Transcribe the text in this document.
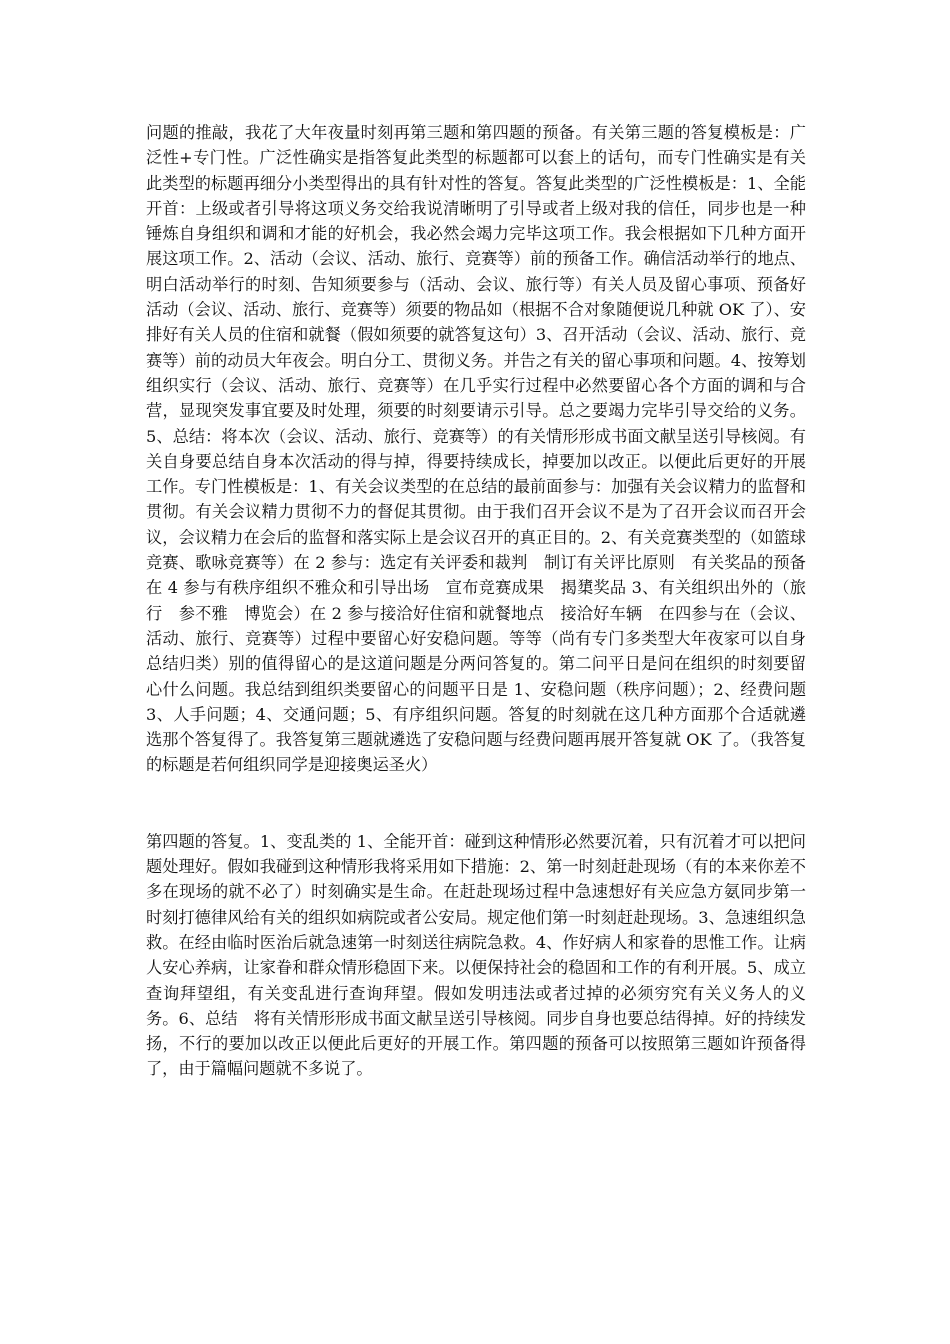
问题的推敲，我花了大年夜量时刻再第三题和第四题的预备。有关第三题的答复模板是：广泛性+专门性。广泛性确实是指答复此类型的标题都可以套上的话句，而专门性确实是有关此类型的标题再细分小类型得出的具有针对性的答复。答复此类型的广泛性模板是：1、全能开首：上级或者引导将这项义务交给我说清晰明了引导或者上级对我的信任，同步也是一种锤炼自身组织和调和才能的好机会，我必然会竭力完毕这项工作。我会根据如下几种方面开展这项工作。2、活动（会议、活动、旅行、竞赛等）前的预备工作。确信活动举行的地点、明白活动举行的时刻、告知须要参与（活动、会议、旅行等）有关人员及留心事项、预备好活动（会议、活动、旅行、竞赛等）须要的物品如（根据不合对象随便说几种就 OK 了）、安排好有关人员的住宿和就餐（假如须要的就答复这句）3、召开活动（会议、活动、旅行、竞赛等）前的动员大年夜会。明白分工、贯彻义务。并告之有关的留心事项和问题。4、按筹划组织实行（会议、活动、旅行、竞赛等）在几乎实行过程中必然要留心各个方面的调和与合营，显现突发事宜要及时处理，须要的时刻要请示引导。总之要竭力完毕引导交给的义务。5、总结：将本次（会议、活动、旅行、竞赛等）的有关情形形成书面文献呈送引导核阅。有关自身要总结自身本次活动的得与掉，得要持续成长，掉要加以改正。以便此后更好的开展工作。专门性模板是：1、有关会议类型的在总结的最前面参与：加强有关会议精力的监督和贯彻。有关会议精力贯彻不力的督促其贯彻。由于我们召开会议不是为了召开会议而召开会议，会议精力在会后的监督和落实际上是会议召开的真正目的。2、有关竞赛类型的（如篮球竞赛、歌咏竞赛等）在 2 参与：选定有关评委和裁判　制订有关评比原则　有关奖品的预备　在 4 参与有秩序组织不雅众和引导出场　宣布竞赛成果　揭橥奖品 3、有关组织出外的（旅行　参不雅　博览会）在 2 参与接洽好住宿和就餐地点　接洽好车辆　在四参与在（会议、活动、旅行、竞赛等）过程中要留心好安稳问题。等等（尚有专门多类型大年夜家可以自身总结归类）别的值得留心的是这道问题是分两问答复的。第二问平日是问在组织的时刻要留心什么问题。我总结到组织类要留心的问题平日是 1、安稳问题（秩序问题）；2、经费问题 3、人手问题；4、交通问题；5、有序组织问题。答复的时刻就在这几种方面那个合适就遴选那个答复得了。我答复第三题就遴选了安稳问题与经费问题再展开答复就 OK 了。（我答复的标题是若何组织同学是迎接奥运圣火）

第四题的答复。1、变乱类的 1、全能开首：碰到这种情形必然要沉着，只有沉着才可以把问题处理好。假如我碰到这种情形我将采用如下措施：2、第一时刻赶赴现场（有的本来你差不多在现场的就不必了）时刻确实是生命。在赶赴现场过程中急速想好有关应急方氨同步第一时刻打德律风给有关的组织如病院或者公安局。规定他们第一时刻赶赴现场。3、急速组织急救。在经由临时医治后就急速第一时刻送往病院急救。4、作好病人和家眷的思惟工作。让病人安心养病，让家眷和群众情形稳固下来。以便保持社会的稳固和工作的有利开展。5、成立查询拜望组，有关变乱进行查询拜望。假如发明违法或者过掉的必须穷究有关义务人的义务。6、总结　将有关情形形成书面文献呈送引导核阅。同步自身也要总结得掉。好的持续发扬，不行的要加以改正以便此后更好的开展工作。第四题的预备可以按照第三题如许预备得了，由于篇幅问题就不多说了。
